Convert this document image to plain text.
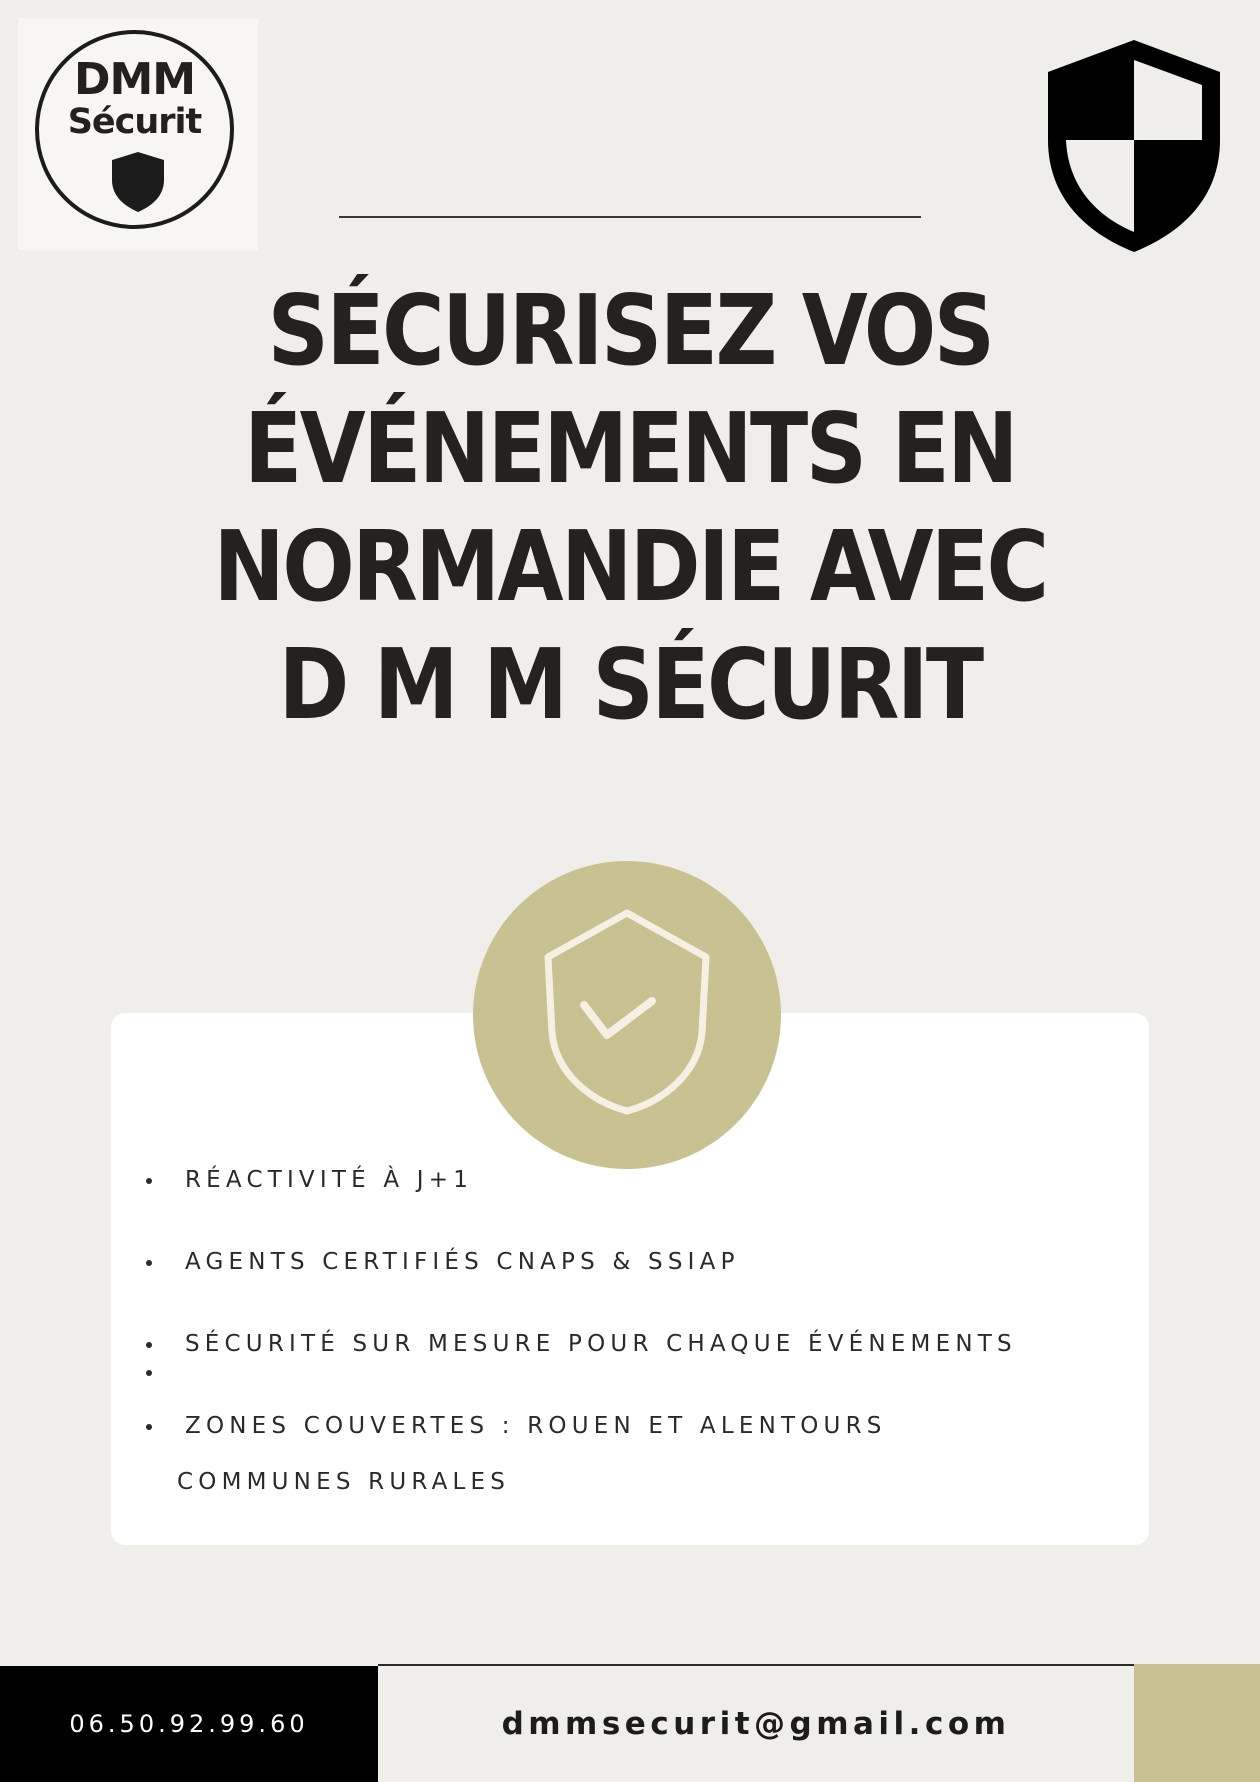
DMM
Sécurit
SÉCURISEZ VOS
ÉVÉNEMENTS EN
NORMANDIE AVEC
D M M SÉCURIT
RÉACTIVITÉ À J+1
AGENTS CERTIFIÉS CNAPS & SSIAP
SÉCURITÉ SUR MESURE POUR CHAQUE ÉVÉNEMENTS
ZONES COUVERTES : ROUEN ET ALENTOURS
COMMUNES RURALES
06.50.92.99.60	dmmsecurit@gmail.com
